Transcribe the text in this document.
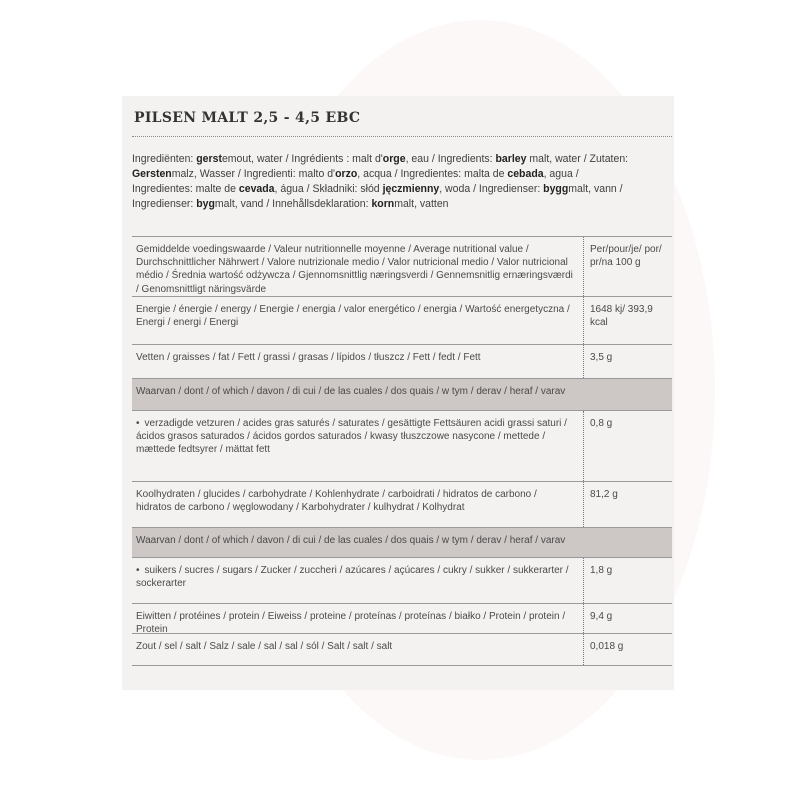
PILSEN MALT 2,5 - 4,5 EBC
Ingrediënten: gerstemout, water / Ingrédients : malt d'orge, eau / Ingredients: barley malt, water / Zutaten: Gerstenmalz, Wasser / Ingredienti: malto d'orzo, acqua / Ingredientes: malta de cebada, agua / Ingredientes: malte de cevada, água / Składniki: słód jęczmienny, woda / Ingredienser: byggmalt, vann / Ingredienser: bygmalt, vand / Innehållsdeklaration: kornmalt, vatten
Gemiddelde voedingswaarde / Valeur nutritionnelle moyenne / Average nutritional value / Durchschnittlicher Nährwert / Valore nutrizionale medio / Valor nutricional medio / Valor nutricional médio / Średnia wartość odżywcza / Gjennomsnittlig næringsverdi / Gennemsnitlig ernæringsværdi / Genomsnittligt näringsvärde
Per/pour/je/ por/ pr/na 100 g
Energie / énergie / energy / Energie / energia / valor energético / energia / Wartość energetyczna / Energi / energi / Energi
1648 kj/ 393,9 kcal
Vetten / graisses / fat / Fett / grassi / grasas / lípidos / tłuszcz / Fett / fedt / Fett	3,5 g
Waarvan / dont / of which / davon / di cui / de las cuales / dos quais / w tym / derav / heraf / varav
• verzadigde vetzuren / acides gras saturés / saturates / gesättigte Fettsäuren acidi grassi saturi / ácidos grasos saturados / ácidos gordos saturados / kwasy tłuszczowe nasycone / mettede / mættede fedtsyrer / mättat fett
0,8 g
Koolhydraten / glucides / carbohydrate / Kohlenhydrate / carboidrati / hidratos de carbono / hidratos de carbono / węglowodany / Karbohydrater / kulhydrat / Kolhydrat
81,2 g
Waarvan / dont / of which / davon / di cui / de las cuales / dos quais / w tym / derav / heraf / varav
• suikers / sucres / sugars / Zucker / zuccheri / azúcares / açúcares / cukry / sukker / sukkerarter / sockerarter
1,8 g
Eiwitten / protéines / protein / Eiweiss / proteine / proteínas / proteínas / białko / Protein / protein / Protein
9,4 g
Zout / sel / salt / Salz / sale / sal / sal / sól / Salt / salt / salt	0,018 g
